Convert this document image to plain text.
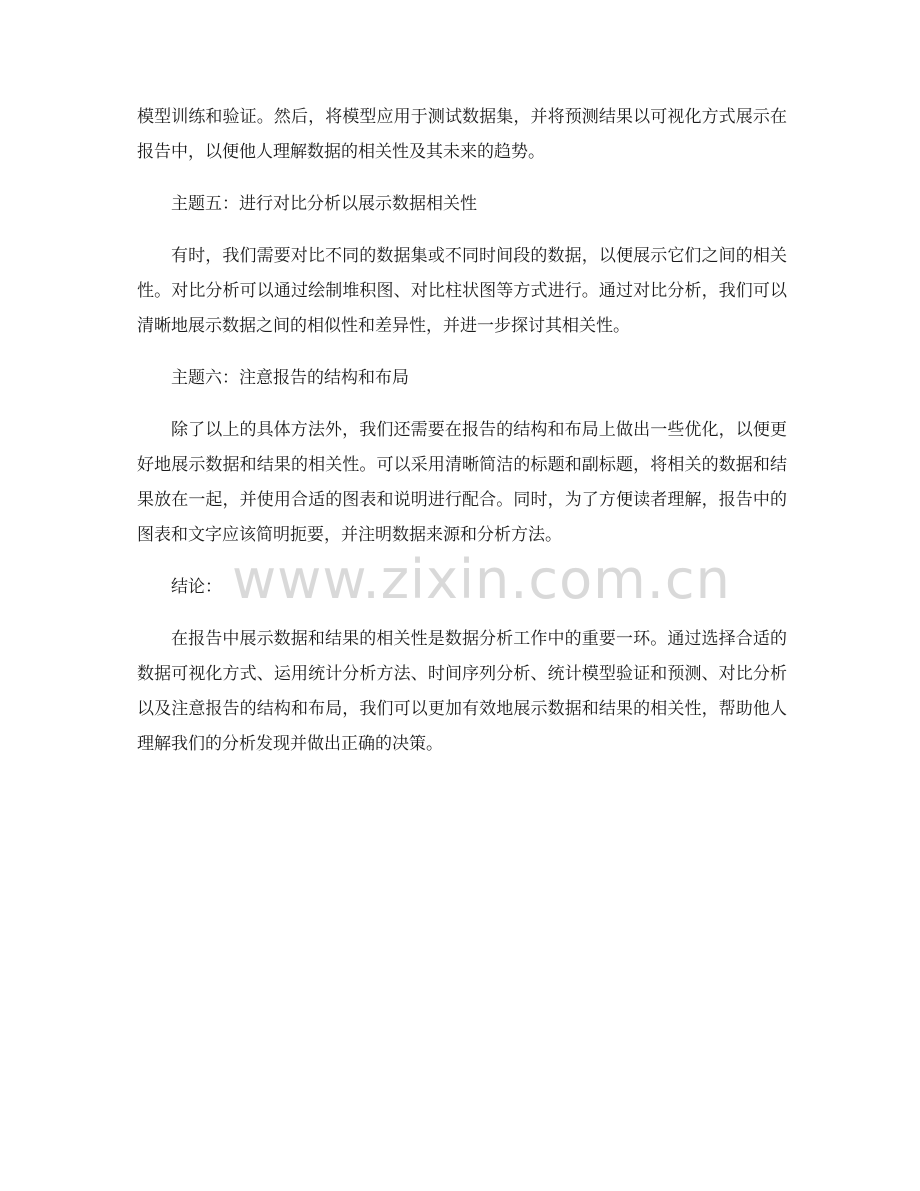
www.zixin.com.cn

模型训练和验证。然后，将模型应用于测试数据集，并将预测结果以可视化方式展示在报告中，以便他人理解数据的相关性及其未来的趋势。

主题五：进行对比分析以展示数据相关性

有时，我们需要对比不同的数据集或不同时间段的数据，以便展示它们之间的相关性。对比分析可以通过绘制堆积图、对比柱状图等方式进行。通过对比分析，我们可以清晰地展示数据之间的相似性和差异性，并进一步探讨其相关性。

主题六：注意报告的结构和布局

除了以上的具体方法外，我们还需要在报告的结构和布局上做出一些优化，以便更好地展示数据和结果的相关性。可以采用清晰简洁的标题和副标题，将相关的数据和结果放在一起，并使用合适的图表和说明进行配合。同时，为了方便读者理解，报告中的图表和文字应该简明扼要，并注明数据来源和分析方法。

结论：

在报告中展示数据和结果的相关性是数据分析工作中的重要一环。通过选择合适的数据可视化方式、运用统计分析方法、时间序列分析、统计模型验证和预测、对比分析以及注意报告的结构和布局，我们可以更加有效地展示数据和结果的相关性，帮助他人理解我们的分析发现并做出正确的决策。
